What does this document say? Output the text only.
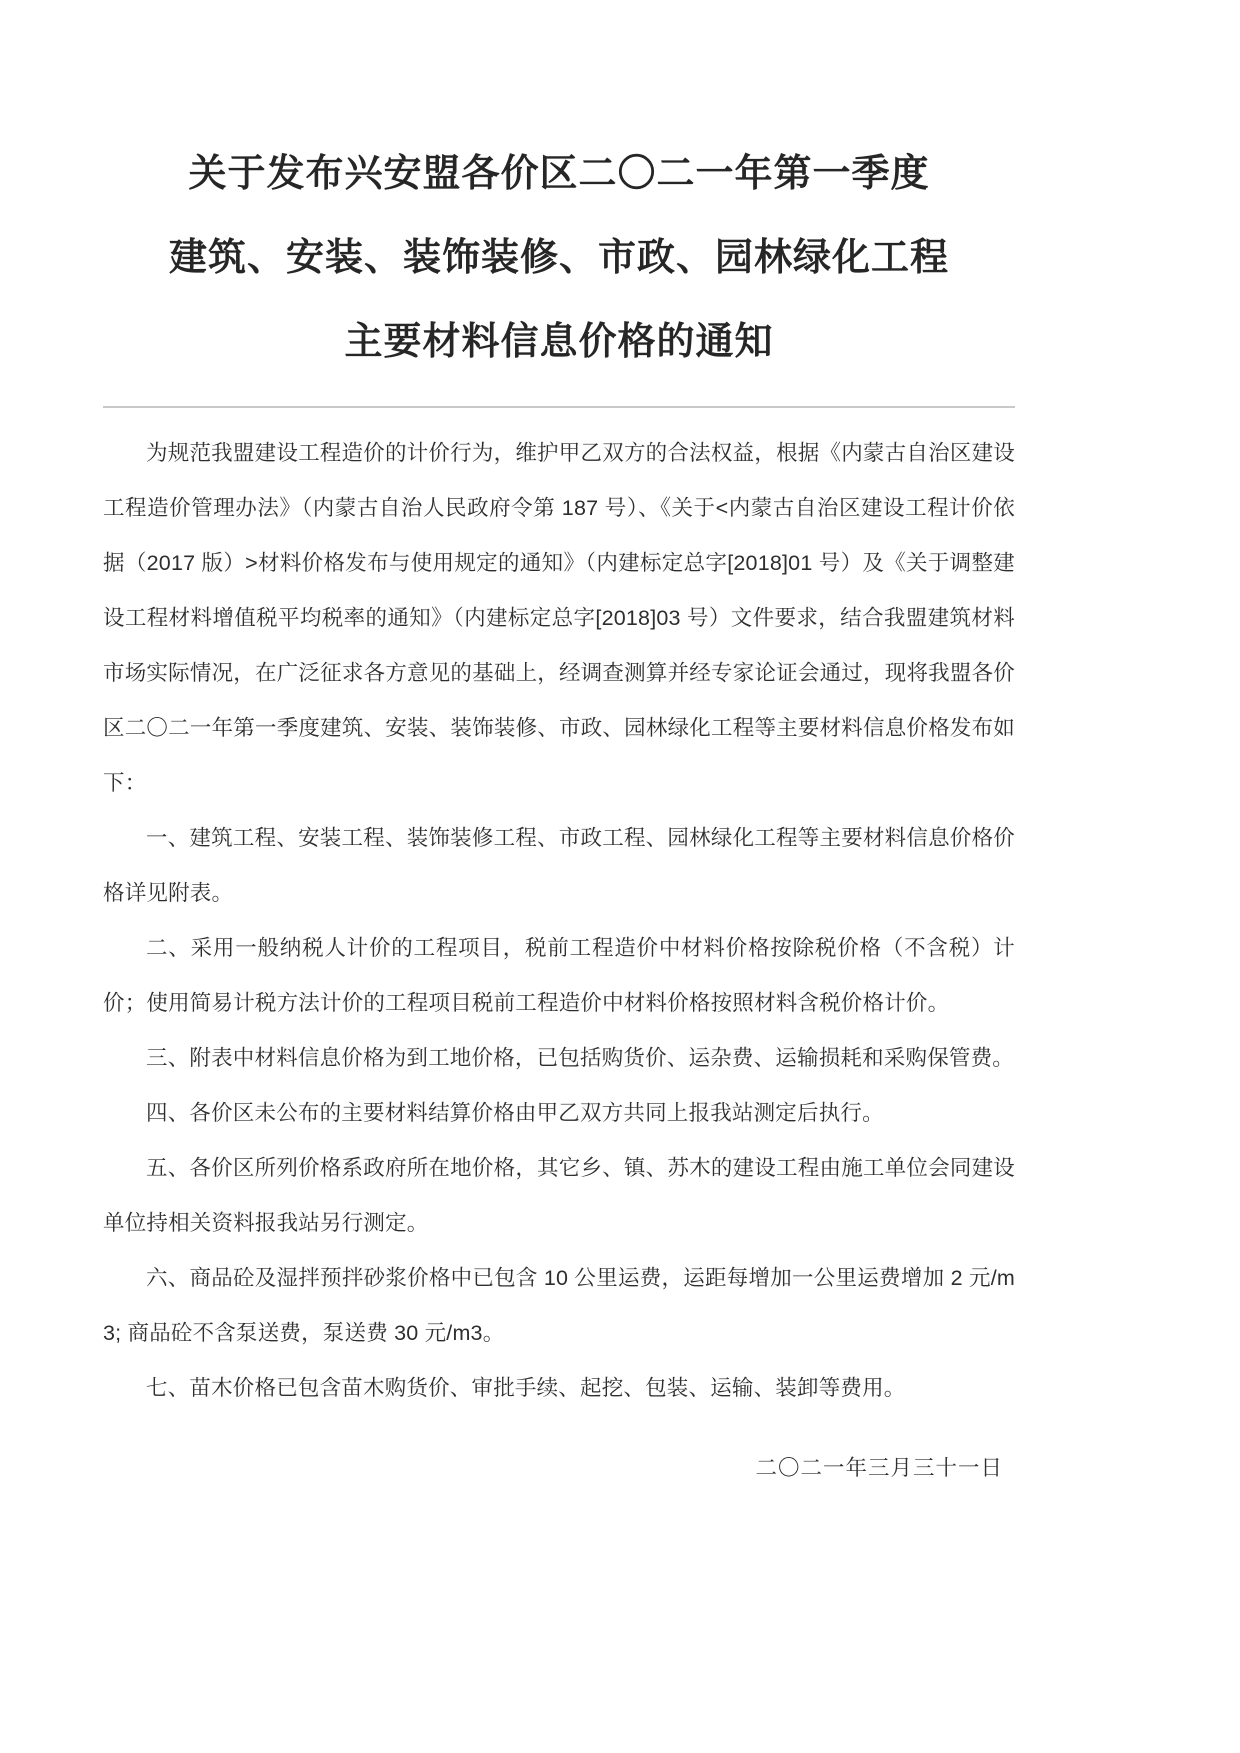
关于发布兴安盟各价区二〇二一年第一季度
建筑、安装、装饰装修、市政、园林绿化工程
主要材料信息价格的通知

为规范我盟建设工程造价的计价行为，维护甲乙双方的合法权益，根据《内蒙古自治区建设工程造价管理办法》（内蒙古自治人民政府令第 187 号）、《关于<内蒙古自治区建设工程计价依据（2017 版）>材料价格发布与使用规定的通知》（内建标定总字[2018]01 号）及《关于调整建设工程材料增值税平均税率的通知》（内建标定总字[2018]03 号）文件要求，结合我盟建筑材料市场实际情况，在广泛征求各方意见的基础上，经调查测算并经专家论证会通过，现将我盟各价区二〇二一年第一季度建筑、安装、装饰装修、市政、园林绿化工程等主要材料信息价格发布如下：

一、建筑工程、安装工程、装饰装修工程、市政工程、园林绿化工程等主要材料信息价格价格详见附表。

二、采用一般纳税人计价的工程项目，税前工程造价中材料价格按除税价格（不含税）计价；使用简易计税方法计价的工程项目税前工程造价中材料价格按照材料含税价格计价。

三、附表中材料信息价格为到工地价格，已包括购货价、运杂费、运输损耗和采购保管费。

四、各价区未公布的主要材料结算价格由甲乙双方共同上报我站测定后执行。

五、各价区所列价格系政府所在地价格，其它乡、镇、苏木的建设工程由施工单位会同建设单位持相关资料报我站另行测定。

六、商品砼及湿拌预拌砂浆价格中已包含 10 公里运费，运距每增加一公里运费增加 2 元/m3; 商品砼不含泵送费，泵送费 30 元/m3。

七、苗木价格已包含苗木购货价、审批手续、起挖、包装、运输、装卸等费用。

二〇二一年三月三十一日
